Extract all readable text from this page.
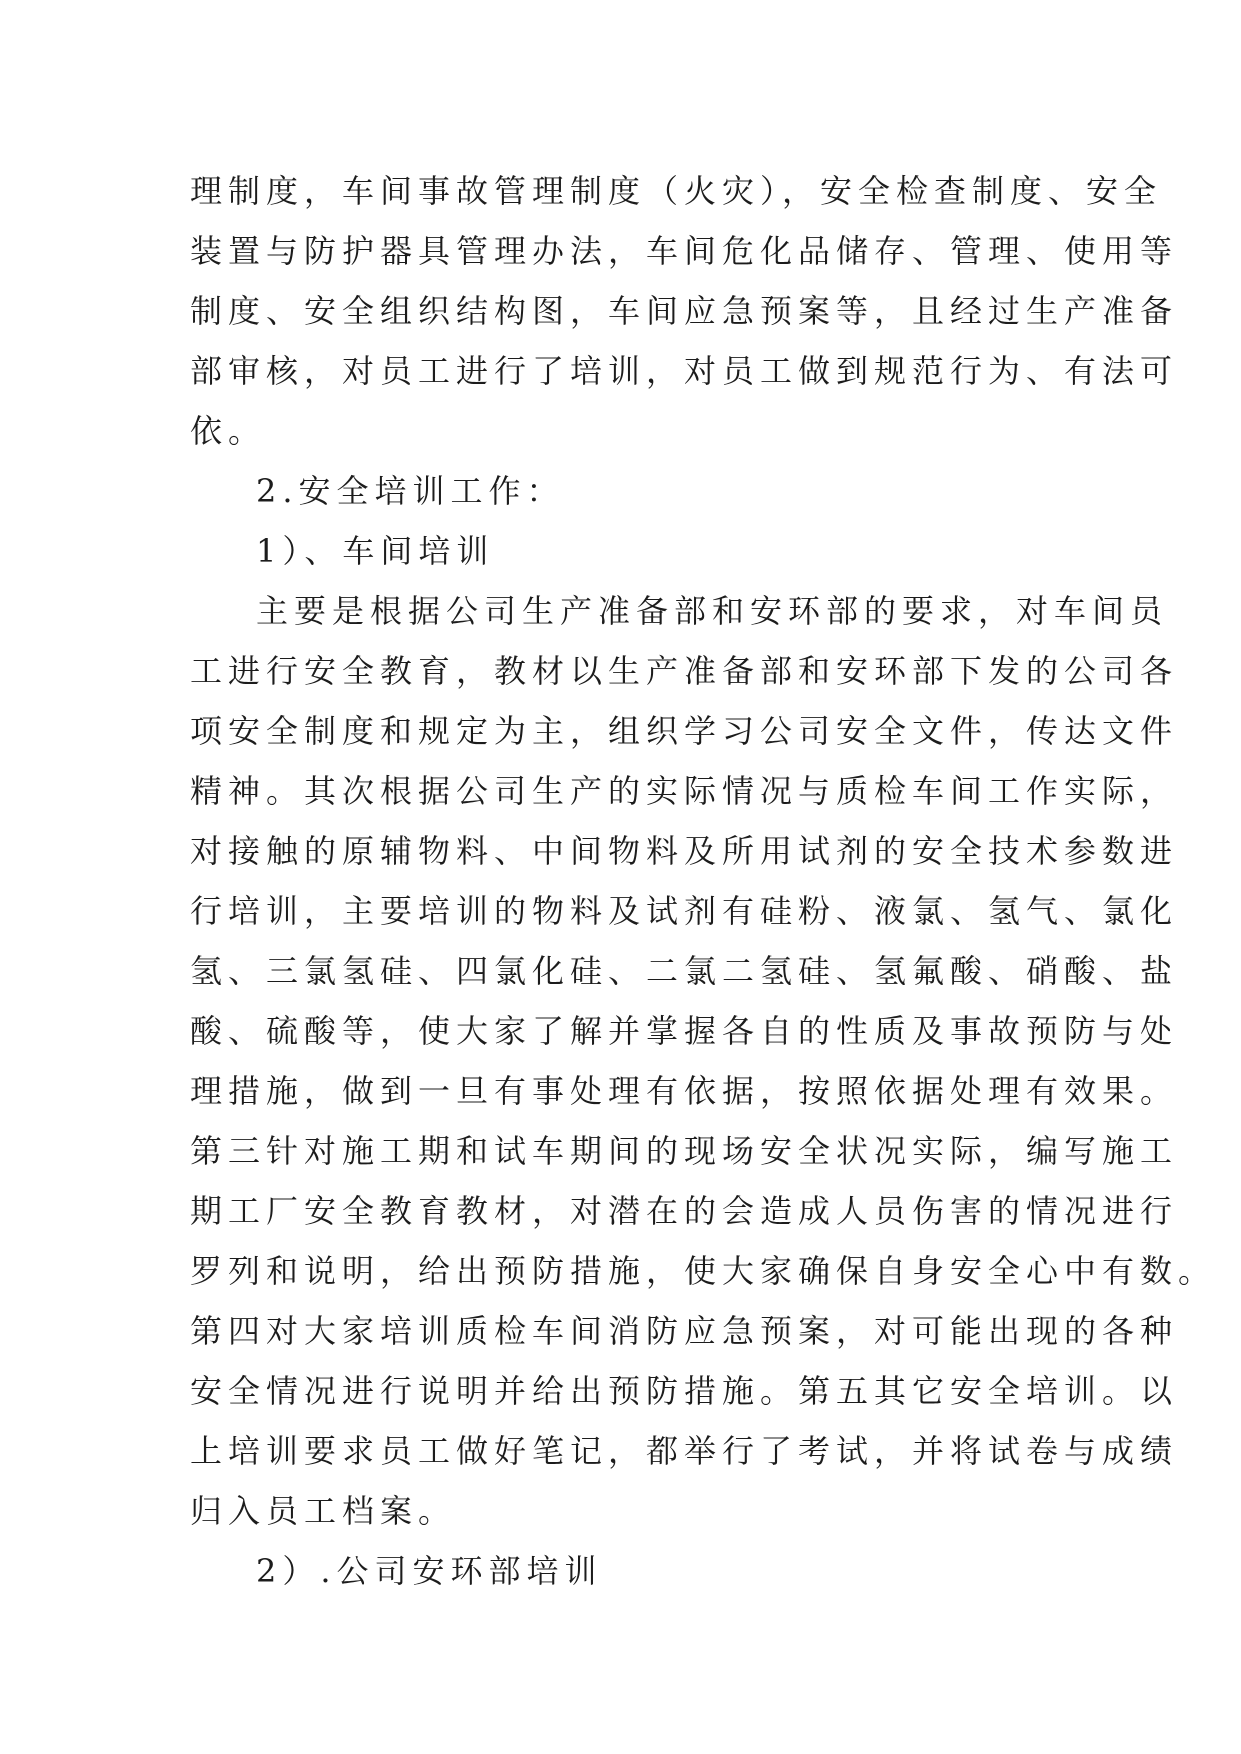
理制度，车间事故管理制度（火灾），安全检查制度、安全

装置与防护器具管理办法，车间危化品储存、管理、使用等

制度、安全组织结构图，车间应急预案等，且经过生产准备

部审核，对员工进行了培训，对员工做到规范行为、有法可

依。

2.安全培训工作：

1）、车间培训

主要是根据公司生产准备部和安环部的要求，对车间员

工进行安全教育，教材以生产准备部和安环部下发的公司各

项安全制度和规定为主，组织学习公司安全文件，传达文件

精神。其次根据公司生产的实际情况与质检车间工作实际，

对接触的原辅物料、中间物料及所用试剂的安全技术参数进

行培训，主要培训的物料及试剂有硅粉、液氯、氢气、氯化

氢、三氯氢硅、四氯化硅、二氯二氢硅、氢氟酸、硝酸、盐

酸、硫酸等，使大家了解并掌握各自的性质及事故预防与处

理措施，做到一旦有事处理有依据，按照依据处理有效果。

第三针对施工期和试车期间的现场安全状况实际，编写施工

期工厂安全教育教材，对潜在的会造成人员伤害的情况进行

罗列和说明，给出预防措施，使大家确保自身安全心中有数。

第四对大家培训质检车间消防应急预案，对可能出现的各种

安全情况进行说明并给出预防措施。第五其它安全培训。以

上培训要求员工做好笔记，都举行了考试，并将试卷与成绩

归入员工档案。

2）.公司安环部培训
